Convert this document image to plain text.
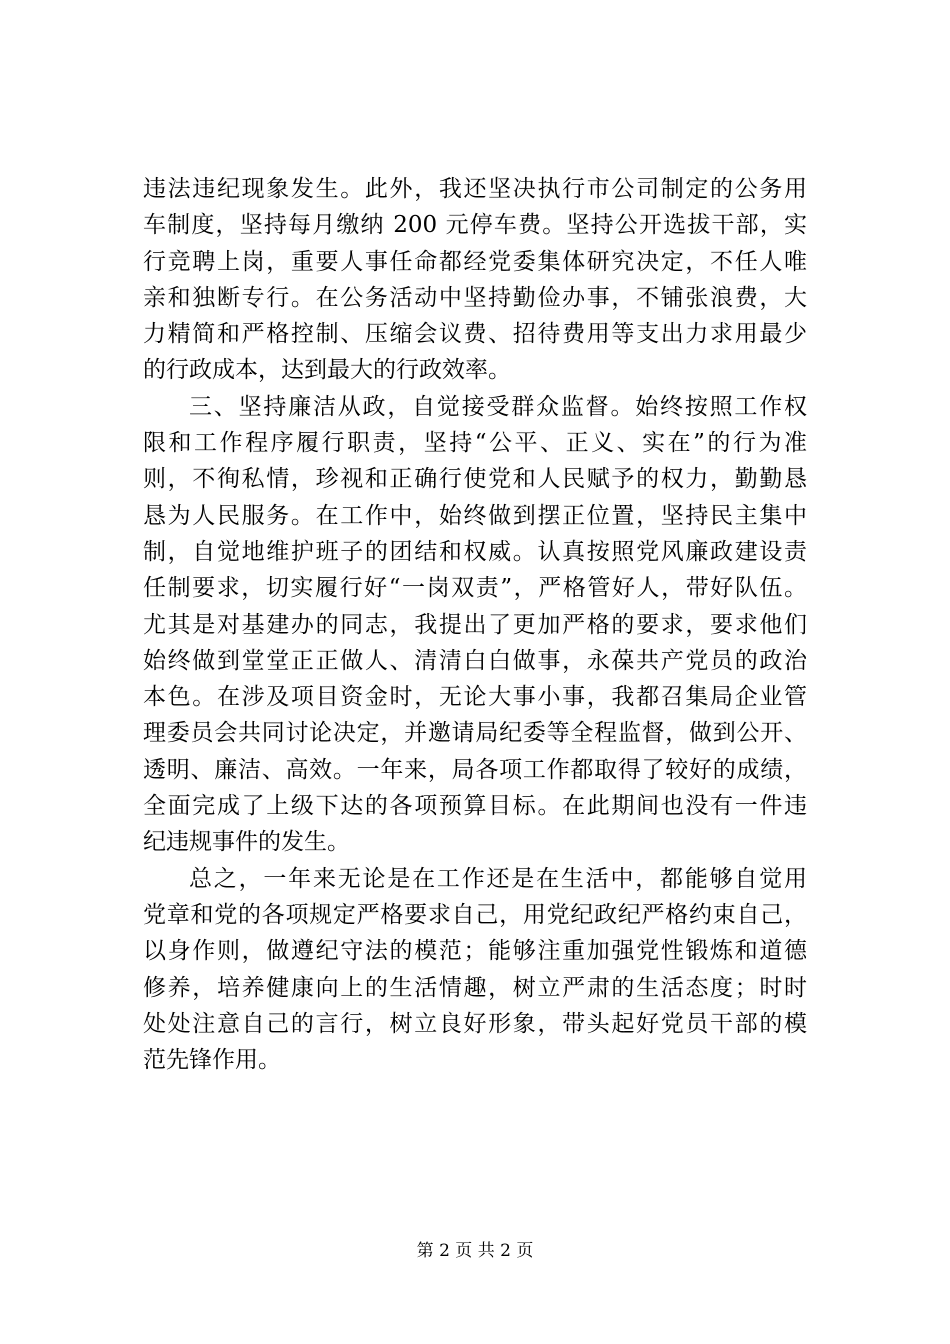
违法违纪现象发生。此外，我还坚决执行市公司制定的公务用
车制度，坚持每月缴纳 200 元停车费。坚持公开选拔干部，实
行竞聘上岗，重要人事任命都经党委集体研究决定，不任人唯
亲和独断专行。在公务活动中坚持勤俭办事，不铺张浪费，大
力精简和严格控制、压缩会议费、招待费用等支出力求用最少
的行政成本，达到最大的行政效率。
三、坚持廉洁从政，自觉接受群众监督。始终按照工作权
限和工作程序履行职责，坚持“公平、正义、实在”的行为准
则，不徇私情，珍视和正确行使党和人民赋予的权力，勤勤恳
恳为人民服务。在工作中，始终做到摆正位置，坚持民主集中
制，自觉地维护班子的团结和权威。认真按照党风廉政建设责
任制要求，切实履行好“一岗双责”，严格管好人，带好队伍。
尤其是对基建办的同志，我提出了更加严格的要求，要求他们
始终做到堂堂正正做人、清清白白做事，永葆共产党员的政治
本色。在涉及项目资金时，无论大事小事，我都召集局企业管
理委员会共同讨论决定，并邀请局纪委等全程监督，做到公开、
透明、廉洁、高效。一年来，局各项工作都取得了较好的成绩，
全面完成了上级下达的各项预算目标。在此期间也没有一件违
纪违规事件的发生。
总之，一年来无论是在工作还是在生活中，都能够自觉用
党章和党的各项规定严格要求自己，用党纪政纪严格约束自己，
以身作则，做遵纪守法的模范；能够注重加强党性锻炼和道德
修养，培养健康向上的生活情趣，树立严肃的生活态度；时时
处处注意自己的言行，树立良好形象，带头起好党员干部的模
范先锋作用。
第 2 页 共 2 页
